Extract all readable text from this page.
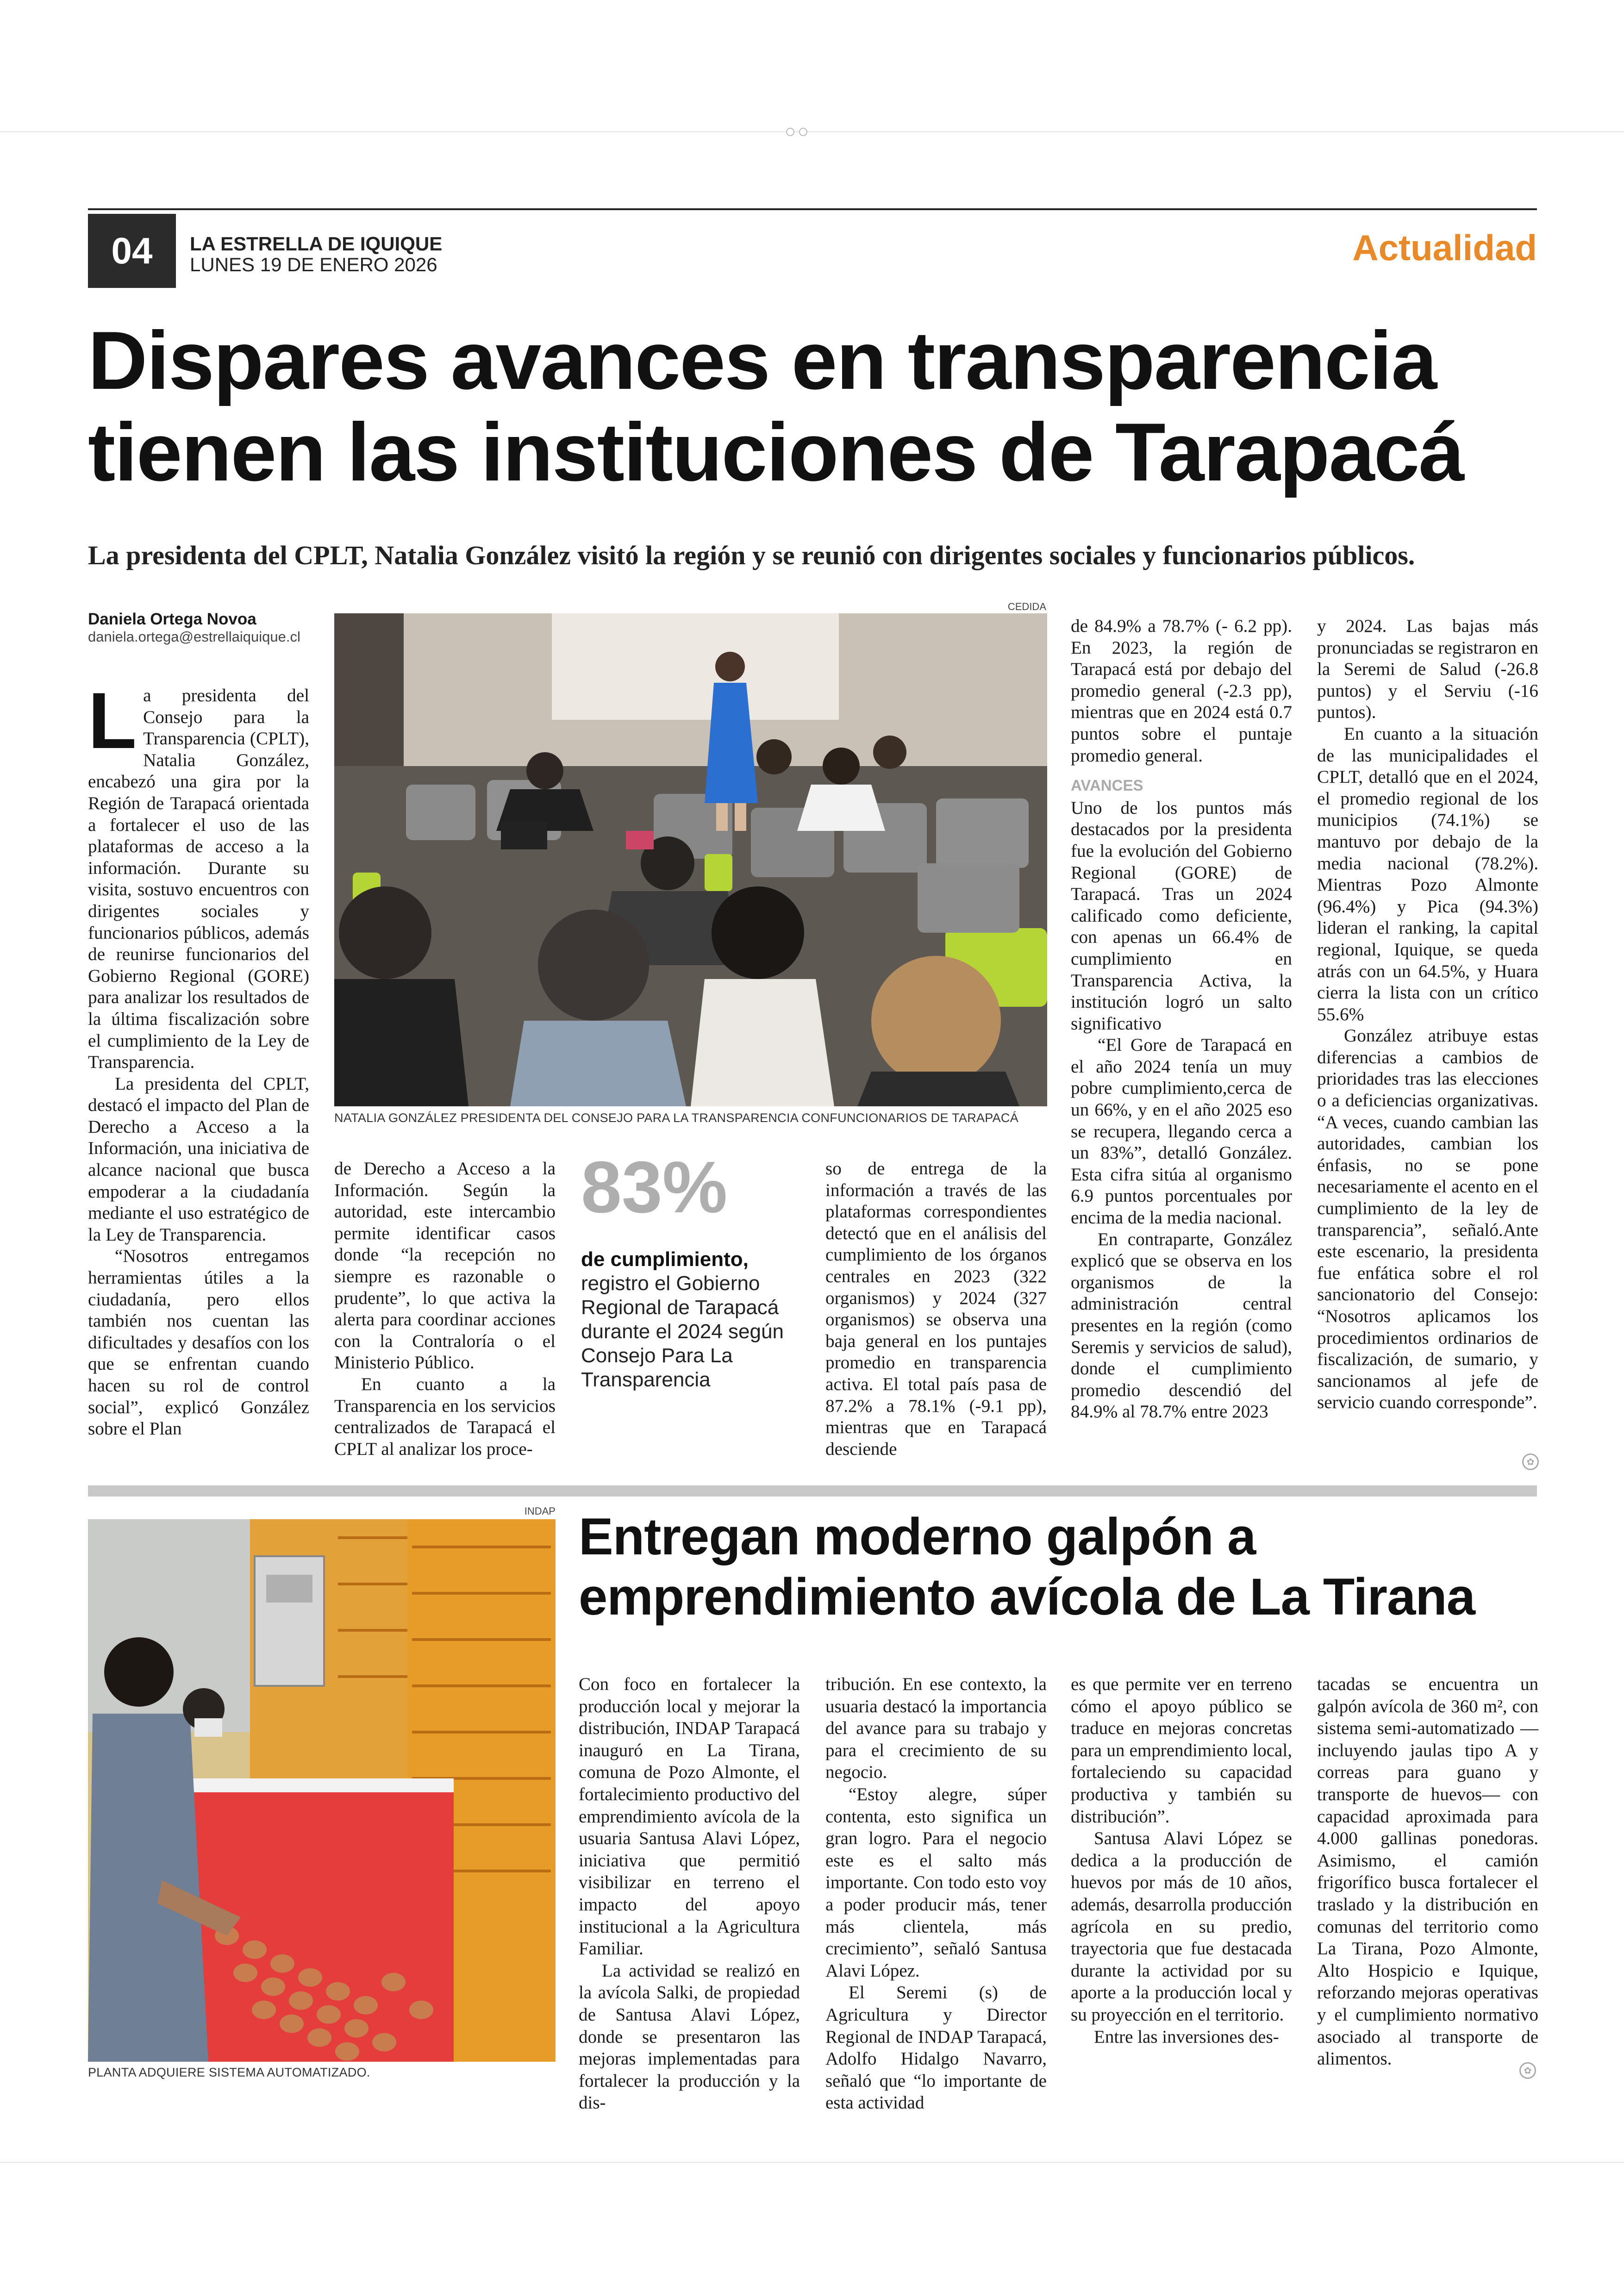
04	LA ESTRELLA DE IQUIQUE
LUNES 19 DE ENERO 2026	Actualidad
Dispares avances en transparencia
tienen las instituciones de Tarapacá
La presidenta del CPLT, Natalia González visitó la región y se reunió con dirigentes sociales y funcionarios públicos.
Daniela Ortega Novoa
daniela.ortega@estrellaiquique.cl
CEDIDA
NATALIA GONZÁLEZ PRESIDENTA DEL CONSEJO PARA LA TRANSPARENCIA CONFUNCIONARIOS DE TARAPACÁ

La presidenta del Consejo para la Transparencia (CPLT), Natalia González, encabezó una gira por la Región de Tarapacá orientada a fortalecer el uso de las plataformas de acceso a la información. Durante su visita, sostuvo encuentros con dirigentes sociales y funcionarios públicos, además de reunirse funcionarios del Gobierno Regional (GORE) para analizar los resultados de la última fiscalización sobre el cumplimiento de la Ley de Transparencia.

La presidenta del CPLT, destacó el impacto del Plan de Derecho a Acceso a la Información, una iniciativa de alcance nacional que busca empoderar a la ciudadanía mediante el uso estratégico de la Ley de Transparencia.

“Nosotros entregamos herramientas útiles a la ciudadanía, pero ellos también nos cuentan las dificultades y desafíos con los que se enfrentan cuando hacen su rol de control social”, explicó González sobre el Plan

de Derecho a Acceso a la Información. Según la autoridad, este intercambio permite identificar casos donde “la recepción no siempre es razonable o prudente”, lo que activa la alerta para coordinar acciones con la Contraloría o el Ministerio Público.

En cuanto a la Transparencia en los servicios centralizados de Tarapacá el CPLT al analizar los proce-

83%
de cumplimiento, registro el Gobierno Regional de Tarapacá durante el 2024 según Consejo Para La Transparencia

so de entrega de la información a través de las plataformas correspondientes detectó que en el análisis del cumplimiento de los órganos centrales en 2023 (322 organismos) y 2024 (327 organismos) se observa una baja general en los puntajes promedio en transparencia activa. El total país pasa de 87.2% a 78.1% (-9.1 pp), mientras que en Tarapacá desciende

de 84.9% a 78.7% (- 6.2 pp). En 2023, la región de Tarapacá está por debajo del promedio general (-2.3 pp), mientras que en 2024 está 0.7 puntos sobre el puntaje promedio general.

AVANCES

Uno de los puntos más destacados por la presidenta fue la evolución del Gobierno Regional (GORE) de Tarapacá. Tras un 2024 calificado como deficiente, con apenas un 66.4% de cumplimiento en Transparencia Activa, la institución logró un salto significativo

“El Gore de Tarapacá en el año 2024 tenía un muy pobre cumplimiento,cerca de un 66%, y en el año 2025 eso se recupera, llegando cerca a un 83%”, detalló González. Esta cifra sitúa al organismo 6.9 puntos porcentuales por encima de la media nacional.

En contraparte, González explicó que se observa en los organismos de la administración central presentes en la región (como Seremis y servicios de salud), donde el cumplimiento promedio descendió del 84.9% al 78.7% entre 2023

y 2024. Las bajas más pronunciadas se registraron en la Seremi de Salud (-26.8 puntos) y el Serviu (-16 puntos).

En cuanto a la situación de las municipalidades el CPLT, detalló que en el 2024, el promedio regional de los municipios (74.1%) se mantuvo por debajo de la media nacional (78.2%). Mientras Pozo Almonte (96.4%) y Pica (94.3%) lideran el ranking, la capital regional, Iquique, se queda atrás con un 64.5%, y Huara cierra la lista con un crítico 55.6%

González atribuye estas diferencias a cambios de prioridades tras las elecciones o a deficiencias organizativas. “A veces, cuando cambian las autoridades, cambian los énfasis, no se pone necesariamente el acento en el cumplimiento de la ley de transparencia”, señaló.Ante este escenario, la presidenta fue enfática sobre el rol sancionatorio del Consejo: “Nosotros aplicamos los procedimientos ordinarios de fiscalización, de sumario, y sancionamos al jefe de servicio cuando corresponde”.

✿
INDAP
PLANTA ADQUIERE SISTEMA AUTOMATIZADO.
Entregan moderno galpón a
emprendimiento avícola de La Tirana

Con foco en fortalecer la producción local y mejorar la distribución, INDAP Tarapacá inauguró en La Tirana, comuna de Pozo Almonte, el fortalecimiento productivo del emprendimiento avícola de la usuaria Santusa Alavi López, iniciativa que permitió visibilizar en terreno el impacto del apoyo institucional a la Agricultura Familiar.

La actividad se realizó en la avícola Salki, de propiedad de Santusa Alavi López, donde se presentaron las mejoras implementadas para fortalecer la producción y la dis-

tribución. En ese contexto, la usuaria destacó la importancia del avance para su trabajo y para el crecimiento de su negocio.

“Estoy alegre, súper contenta, esto significa un gran logro. Para el negocio este es el salto más importante. Con todo esto voy a poder producir más, tener más clientela, más crecimiento”, señaló Santusa Alavi López.

El Seremi (s) de Agricultura y Director Regional de INDAP Tarapacá, Adolfo Hidalgo Navarro, señaló que “lo importante de esta actividad

es que permite ver en terreno cómo el apoyo público se traduce en mejoras concretas para un emprendimiento local, fortaleciendo su capacidad productiva y también su distribución”.

Santusa Alavi López se dedica a la producción de huevos por más de 10 años, además, desarrolla producción agrícola en su predio, trayectoria que fue destacada durante la actividad por su aporte a la producción local y su proyección en el territorio.

Entre las inversiones des-

tacadas se encuentra un galpón avícola de 360 m², con sistema semi-automatizado —incluyendo jaulas tipo A y correas para guano y transporte de huevos— con capacidad aproximada para 4.000 gallinas ponedoras. Asimismo, el camión frigorífico busca fortalecer el traslado y la distribución en comunas del territorio como La Tirana, Pozo Almonte, Alto Hospicio e Iquique, reforzando mejoras operativas y el cumplimiento normativo asociado al transporte de alimentos.

✿
